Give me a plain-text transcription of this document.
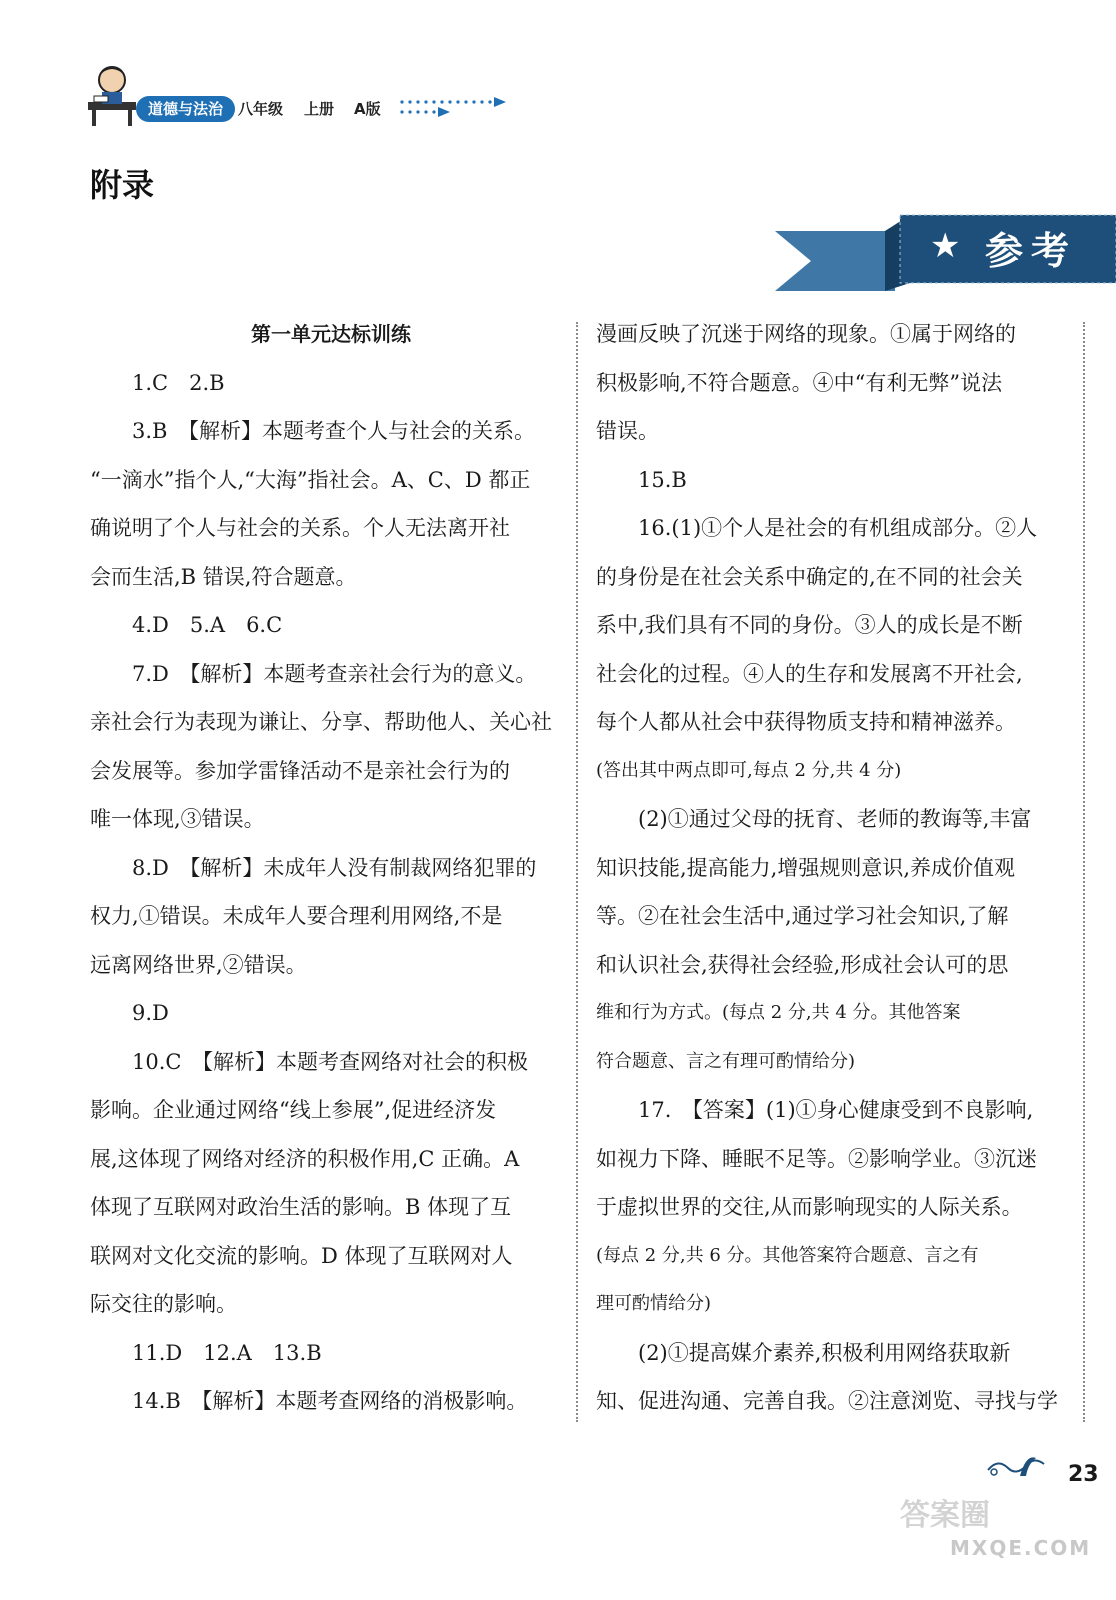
道德与法治 八年级 上册 A版
附录
★ 参考

第一单元达标训练

1.C　2.B

3.B　【解析】本题考查个人与社会的关系。

“一滴水”指个人,“大海”指社会。A、C、D 都正

确说明了个人与社会的关系。个人无法离开社

会而生活,B 错误,符合题意。

4.D　5.A　6.C

7.D　【解析】本题考查亲社会行为的意义。

亲社会行为表现为谦让、分享、帮助他人、关心社

会发展等。参加学雷锋活动不是亲社会行为的

唯一体现,③错误。

8.D　【解析】未成年人没有制裁网络犯罪的

权力,①错误。未成年人要合理利用网络,不是

远离网络世界,②错误。

9.D

10.C　【解析】本题考查网络对社会的积极

影响。企业通过网络“线上参展”,促进经济发

展,这体现了网络对经济的积极作用,C 正确。A

体现了互联网对政治生活的影响。B 体现了互

联网对文化交流的影响。D 体现了互联网对人

际交往的影响。

11.D　12.A　13.B

14.B　【解析】本题考查网络的消极影响。

漫画反映了沉迷于网络的现象。①属于网络的

积极影响,不符合题意。④中“有利无弊”说法

错误。

15.B

16.(1)①个人是社会的有机组成部分。②人

的身份是在社会关系中确定的,在不同的社会关

系中,我们具有不同的身份。③人的成长是不断

社会化的过程。④人的生存和发展离不开社会,

每个人都从社会中获得物质支持和精神滋养。

(答出其中两点即可,每点 2 分,共 4 分)

(2)①通过父母的抚育、老师的教诲等,丰富

知识技能,提高能力,增强规则意识,养成价值观

等。②在社会生活中,通过学习社会知识,了解

和认识社会,获得社会经验,形成社会认可的思

维和行为方式。(每点 2 分,共 4 分。其他答案

符合题意、言之有理可酌情给分)

17.　【答案】(1)①身心健康受到不良影响,

如视力下降、睡眠不足等。②影响学业。③沉迷

于虚拟世界的交往,从而影响现实的人际关系。

(每点 2 分,共 6 分。其他答案符合题意、言之有

理可酌情给分)

(2)①提高媒介素养,积极利用网络获取新

知、促进沟通、完善自我。②注意浏览、寻找与学

23
答案圈
MXQE.COM
